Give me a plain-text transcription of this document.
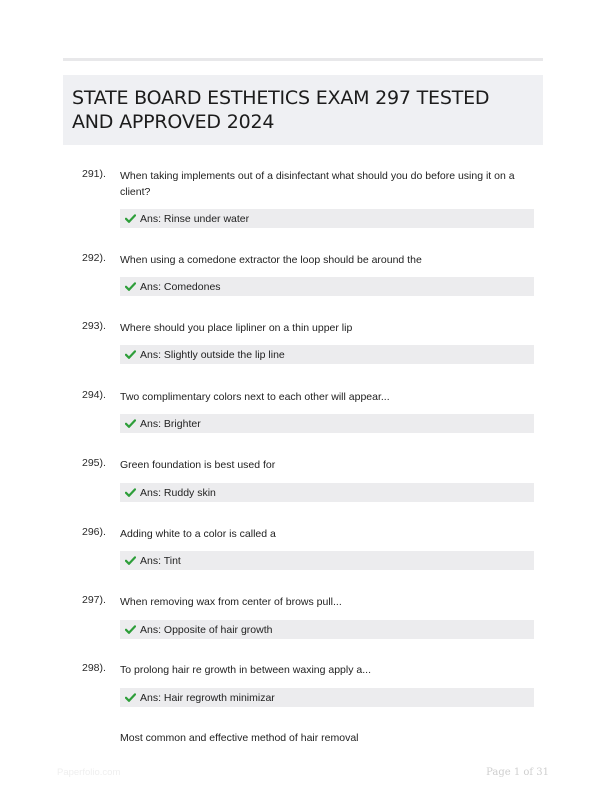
STATE BOARD ESTHETICS EXAM 297 TESTED AND APPROVED 2024
291). When taking implements out of a disinfectant what should you do before using it on a client?
Ans: Rinse under water
292). When using a comedone extractor the loop should be around the
Ans: Comedones
293). Where should you place lipliner on a thin upper lip
Ans: Slightly outside the lip line
294). Two complimentary colors next to each other will appear...
Ans: Brighter
295). Green foundation is best used for
Ans: Ruddy skin
296). Adding white to a color is called a
Ans: Tint
297). When removing wax from center of brows pull...
Ans: Opposite of hair growth
298). To prolong hair re growth in between waxing apply a...
Ans: Hair regrowth minimizar
Most common and effective method of hair removal
Paperfolio.com	Page 1 of 31
